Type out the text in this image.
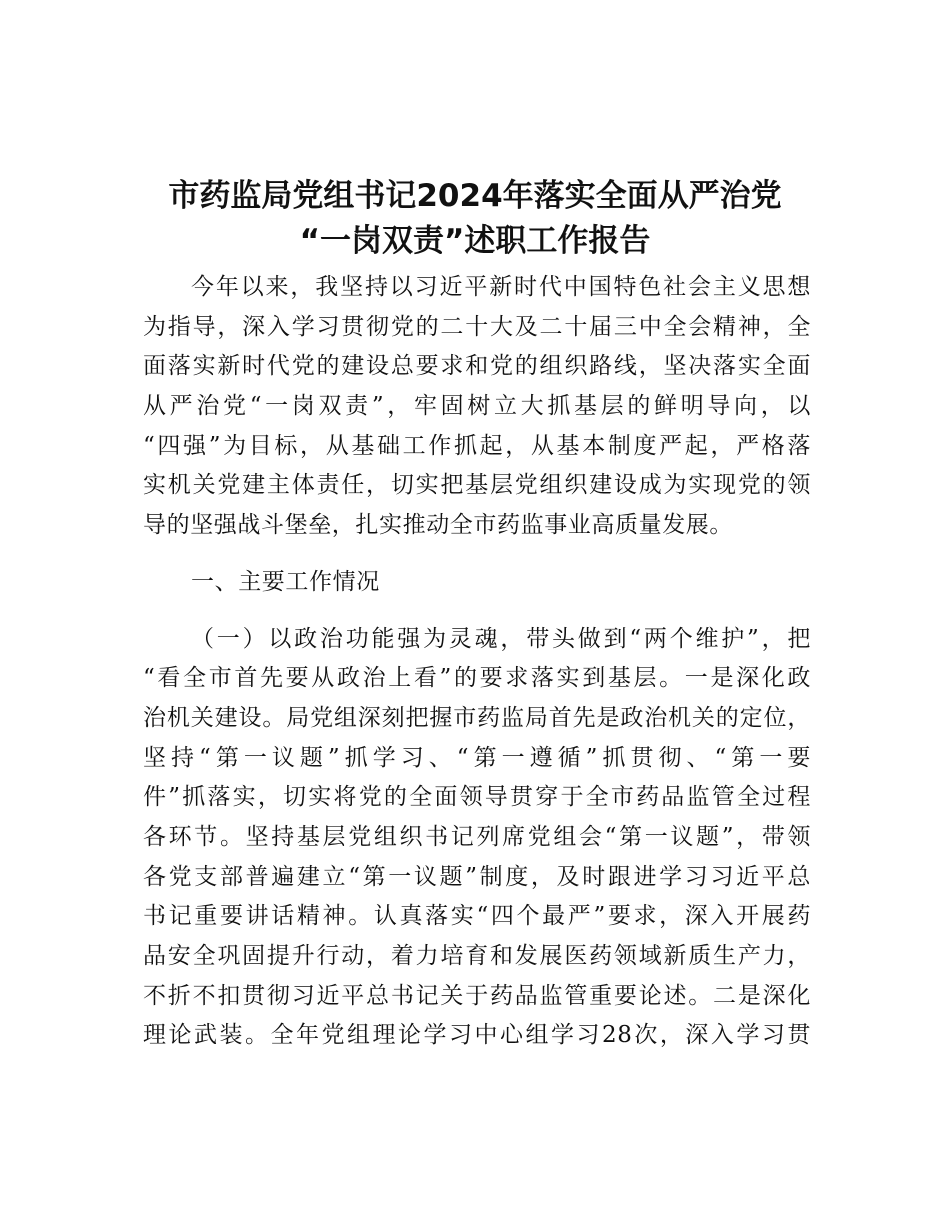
市药监局党组书记2024年落实全面从严治党
“一岗双责”述职工作报告
今年以来，我坚持以习近平新时代中国特色社会主义思想
为指导，深入学习贯彻党的二十大及二十届三中全会精神，全
面落实新时代党的建设总要求和党的组织路线，坚决落实全面
从严治党“一岗双责”，牢固树立大抓基层的鲜明导向，以
“四强”为目标，从基础工作抓起，从基本制度严起，严格落
实机关党建主体责任，切实把基层党组织建设成为实现党的领
导的坚强战斗堡垒，扎实推动全市药监事业高质量发展。
一、主要工作情况
（一）以政治功能强为灵魂，带头做到“两个维护”，把
“看全市首先要从政治上看”的要求落实到基层。一是深化政
治机关建设。局党组深刻把握市药监局首先是政治机关的定位，
坚持“第一议题”抓学习、“第一遵循”抓贯彻、“第一要
件”抓落实，切实将党的全面领导贯穿于全市药品监管全过程
各环节。坚持基层党组织书记列席党组会“第一议题”，带领
各党支部普遍建立“第一议题”制度，及时跟进学习习近平总
书记重要讲话精神。认真落实“四个最严”要求，深入开展药
品安全巩固提升行动，着力培育和发展医药领域新质生产力，
不折不扣贯彻习近平总书记关于药品监管重要论述。二是深化
理论武装。全年党组理论学习中心组学习28次，深入学习贯
